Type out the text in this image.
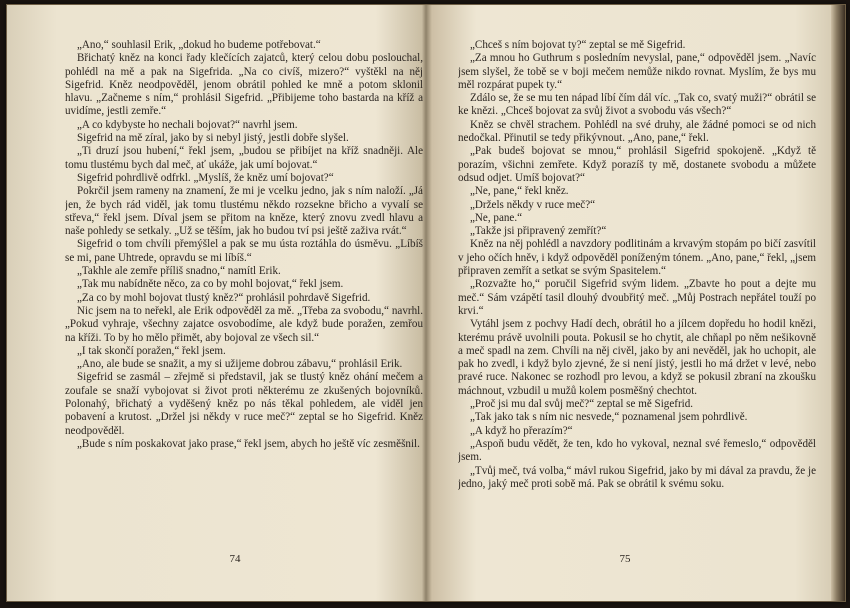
„Ano,“ souhlasil Erik, „dokud ho budeme potřebovat.“

Břichatý kněz na konci řady klečících zajatců, který celou dobu poslouchal, pohlédl na mě a pak na Sigefrida. „Na co civíš, mizero?“ vyštěkl na něj Sigefrid. Kněz neodpověděl, jenom obrátil pohled ke mně a potom sklonil hlavu. „Začneme s ním,“ prohlásil Sigefrid. „Přibijeme toho bastarda na kříž a uvidíme, jestli zemře.“

„A co kdybyste ho nechali bojovat?“ navrhl jsem.

Sigefrid na mě zíral, jako by si nebyl jistý, jestli dobře slyšel.

„Ti druzí jsou hubení,“ řekl jsem, „budou se přibíjet na kříž snadněji. Ale tomu tlustému bych dal meč, ať ukáže, jak umí bojovat.“

Sigefrid pohrdlivě odfrkl. „Myslíš, že kněz umí bojovat?“

Pokrčil jsem rameny na znamení, že mi je vcelku jedno, jak s ním naloží. „Já jen, že bych rád viděl, jak tomu tlustému někdo rozsekne břicho a vyvalí se střeva,“ řekl jsem. Díval jsem se přitom na kněze, který znovu zvedl hlavu a naše pohledy se setkaly. „Už se těším, jak ho budou tví psi ještě zaživa rvát.“

Sigefrid o tom chvíli přemýšlel a pak se mu ústa roztáhla do úsměvu. „Líbíš se mi, pane Uhtrede, opravdu se mi líbíš.“

„Takhle ale zemře příliš snadno,“ namítl Erik.

„Tak mu nabídněte něco, za co by mohl bojovat,“ řekl jsem.

„Za co by mohl bojovat tlustý kněz?“ prohlásil pohrdavě Sigefrid.

Nic jsem na to neřekl, ale Erik odpověděl za mě. „Třeba za svobodu,“ navrhl. „Pokud vyhraje, všechny zajatce osvobodíme, ale když bude poražen, zemřou na kříži. To by ho mělo přimět, aby bojoval ze všech sil.“

„I tak skončí poražen,“ řekl jsem.

„Ano, ale bude se snažit, a my si užijeme dobrou zábavu,“ prohlásil Erik.

Sigefrid se zasmál – zřejmě si představil, jak se tlustý kněz ohání mečem a zoufale se snaží vybojovat si život proti některému ze zkušených bojovníků. Polonahý, břichatý a vyděšený kněz po nás těkal pohledem, ale viděl jen pobavení a krutost. „Držel jsi někdy v ruce meč?“ zeptal se ho Sigefrid. Kněz neodpověděl.

„Bude s ním poskakovat jako prase,“ řekl jsem, abych ho ještě víc zesměšnil.

74

„Chceš s ním bojovat ty?“ zeptal se mě Sigefrid.

„Za mnou ho Guthrum s posledním nevyslal, pane,“ odpověděl jsem. „Navíc jsem slyšel, že tobě se v boji mečem nemůže nikdo rovnat. Myslím, že bys mu měl rozpárat pupek ty.“

Zdálo se, že se mu ten nápad líbí čím dál víc. „Tak co, svatý muži?“ obrátil se ke knězi. „Chceš bojovat za svůj život a svobodu vás všech?“

Kněz se chvěl strachem. Pohlédl na své druhy, ale žádné pomoci se od nich nedočkal. Přinutil se tedy přikývnout. „Ano, pane,“ řekl.

„Pak budeš bojovat se mnou,“ prohlásil Sigefrid spokojeně. „Když tě porazím, všichni zemřete. Když porazíš ty mě, dostanete svobodu a můžete odsud odjet. Umíš bojovat?“

„Ne, pane,“ řekl kněz.

„Držels někdy v ruce meč?“

„Ne, pane.“

„Takže jsi připravený zemřít?“

Kněz na něj pohlédl a navzdory podlitinám a krvavým stopám po bičí zasvítil v jeho očích hněv, i když odpověděl poníženým tónem. „Ano, pane,“ řekl, „jsem připraven zemřít a setkat se svým Spasitelem.“

„Rozvažte ho,“ poručil Sigefrid svým lidem. „Zbavte ho pout a dejte mu meč.“ Sám vzápětí tasil dlouhý dvoubřitý meč. „Můj Postrach nepřátel touží po krvi.“

Vytáhl jsem z pochvy Hadí dech, obrátil ho a jílcem dopředu ho hodil knězi, kterému právě uvolnili pouta. Pokusil se ho chytit, ale chňapl po něm nešikovně a meč spadl na zem. Chvíli na něj civěl, jako by ani nevěděl, jak ho uchopit, ale pak ho zvedl, i když bylo zjevné, že si není jistý, jestli ho má držet v levé, nebo pravé ruce. Nakonec se rozhodl pro levou, a když se pokusil zbraní na zkoušku máchnout, vzbudil u mužů kolem posměšný chechtot.

„Proč jsi mu dal svůj meč?“ zeptal se mě Sigefrid.

„Tak jako tak s ním nic nesvede,“ poznamenal jsem pohrdlivě.

„A když ho přerazím?“

„Aspoň budu vědět, že ten, kdo ho vykoval, neznal své řemeslo,“ odpověděl jsem.

„Tvůj meč, tvá volba,“ mávl rukou Sigefrid, jako by mi dával za pravdu, že je jedno, jaký meč proti sobě má. Pak se obrátil k svému soku.

75
